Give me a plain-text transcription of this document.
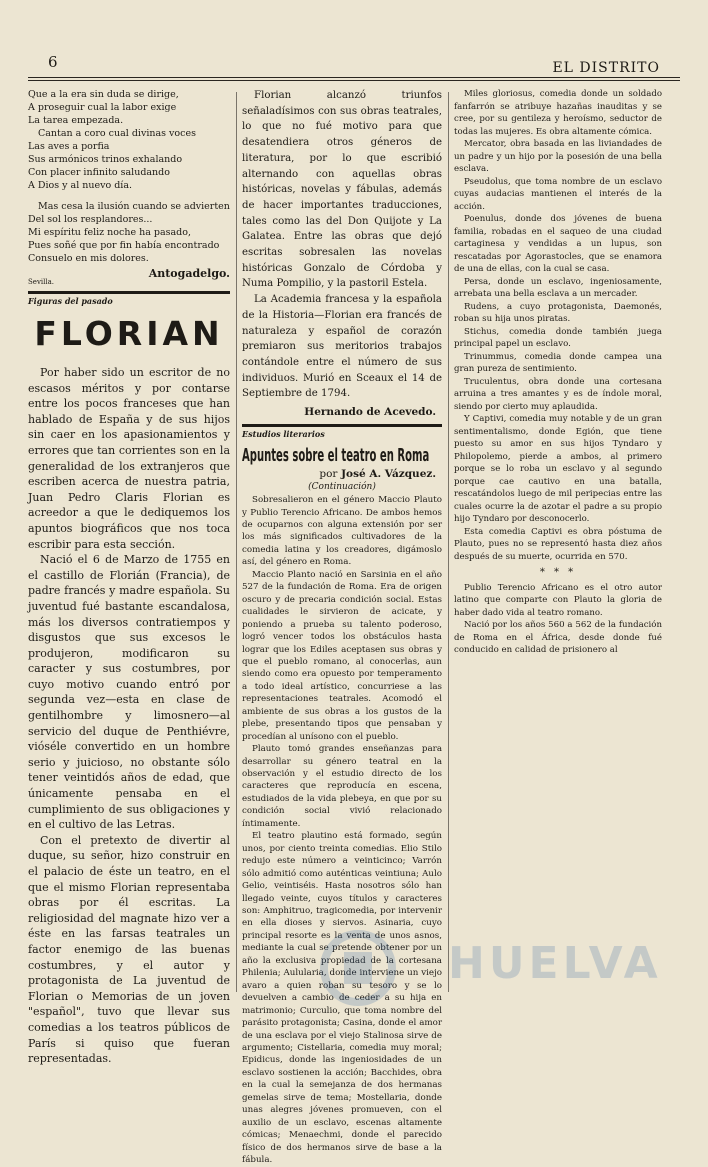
6	EL DISTRITO
Que a la era sin duda se dirige,
A proseguir cual la labor exige
La tarea empezada.
Cantan a coro cual divinas voces
Las aves a porfia
Sus armónicos trinos exhalando
Con placer infinito saludando
A Dios y al nuevo día.
Mas cesa la ilusión cuando se advierten
Del sol los resplandores...
Mi espíritu feliz noche ha pasado,
Pues soñé que por fin había encontrado
Consuelo en mis dolores.
Antogadelgo.
Sevilla.
Figuras del pasado
FLORIAN

Por haber sido un escritor de no escasos méritos y por contarse entre los pocos franceses que han hablado de España y de sus hijos sin caer en los apasionamientos y errores que tan corrientes son en la generalidad de los extranjeros que escriben acerca de nuestra patria, Juan Pedro Claris Florian es acreedor a que le dediquemos los apuntos biográficos que nos toca escribir para esta sección.

Nació el 6 de Marzo de 1755 en el castillo de Florián (Francia), de padre francés y madre española. Su juventud fué bastante escandalosa, más los diversos contratiempos y disgustos que sus excesos le produjeron, modificaron su caracter y sus costumbres, por cuyo motivo cuando entró por segunda vez—esta en clase de gentilhombre y limosnero—al servicio del duque de Penthiévre, vióséle convertido en un hombre serio y juicioso, no obstante sólo tener veintidós años de edad, que únicamente pensaba en el cumplimiento de sus obligaciones y en el cultivo de las Letras.

Con el pretexto de divertir al duque, su señor, hizo construir en el palacio de éste un teatro, en el que el mismo Florian representaba obras por él escritas. La religiosidad del magnate hizo ver a éste en las farsas teatrales un factor enemigo de las buenas costumbres, y el autor y protagonista de La juventud de Florian o Memorias de un joven "español", tuvo que llevar sus comedias a los teatros públicos de París si quiso que fueran representadas.

Florian alcanzó triunfos señaladísimos con sus obras teatrales, lo que no fué motivo para que desatendiera otros géneros de literatura, por lo que escribió alternando con aquellas obras históricas, novelas y fábulas, además de hacer importantes traducciones, tales como las del Don Quijote y La Galatea. Entre las obras que dejó escritas sobresalen las novelas históricas Gonzalo de Córdoba y Numa Pompilio, y la pastoril Estela.

La Academia francesa y la española de la Historia—Florian era francés de naturaleza y español de corazón premiaron sus meritorios trabajos contándole entre el número de sus individuos. Murió en Sceaux el 14 de Septiembre de 1794.

Hernando de Acevedo.
Estudios literarios
Apuntes sobre el teatro en Roma
por José A. Vázquez.
(Continuación)

Sobresalieron en el género Maccio Plauto y Publio Terencio Africano. De ambos hemos de ocuparnos con alguna extensión por ser los más significados cultivadores de la comedia latina y los creadores, digámoslo así, del género en Roma.

Maccio Planto nació en Sarsinia en el año 527 de la fundación de Roma. Era de origen oscuro y de precaria condición social. Estas cualidades le sirvieron de acicate, y poniendo a prueba su talento poderoso, logró vencer todos los obstáculos hasta lograr que los Ediles aceptasen sus obras y que el pueblo romano, al conocerlas, aun siendo como era opuesto por temperamento a todo ideal artístico, concurriese a las representaciones teatrales. Acomodó el ambiente de sus obras a los gustos de la plebe, presentando tipos que pensaban y procedían al unísono con el pueblo.

Plauto tomó grandes enseñanzas para desarrollar su género teatral en la observación y el estudio directo de los caracteres que reproducía en escena, estudiados de la vida plebeya, en que por su condición social vivió relacionado íntimamente.

El teatro plautino está formado, según unos, por ciento treinta comedias. Elio Stilo redujo este número a veinticinco; Varrón sólo admitió como auténticas veintiuna; Aulo Gelio, veintiséis. Hasta nosotros sólo han llegado veinte, cuyos títulos y caracteres son: Amphitruo, tragicomedia, por intervenir en ella dioses y siervos. Asinaria, cuyo principal resorte es la venta de unos asnos, mediante la cual se pretende obtener por un año la exclusiva propiedad de la cortesana Philenia; Aulularia, donde interviene un viejo avaro a quien roban su tesoro y se lo devuelven a cambio de ceder a su hija en matrimonio; Curculio, que toma nombre del parásito protagonista; Casina, donde el amor de una esclava por el viejo Stalinosa sirve de argumento; Cistellaria, comedia muy moral; Epidicus, donde las ingeniosidades de un esclavo sostienen la acción; Bacchides, obra en la cual la semejanza de dos hermanas gemelas sirve de tema; Mostellaria, donde unas alegres jóvenes promueven, con el auxilio de un esclavo, escenas altamente cómicas; Menaechmi, donde el parecido físico de dos hermanos sirve de base a la fábula.

Miles gloriosus, comedia donde un soldado fanfarrón se atribuye hazañas inauditas y se cree, por su gentileza y heroísmo, seductor de todas las mujeres. Es obra altamente cómica.

Mercator, obra basada en las liviandades de un padre y un hijo por la posesión de una bella esclava.

Pseudolus, que toma nombre de un esclavo cuyas audacias mantienen el interés de la acción.

Poenulus, donde dos jóvenes de buena familia, robadas en el saqueo de una ciudad cartaginesa y vendidas a un lupus, son rescatadas por Agorastocles, que se enamora de una de ellas, con la cual se casa.

Persa, donde un esclavo, ingeniosamente, arrebata una bella esclava a un mercader.

Rudens, a cuyo protagonista, Daemonés, roban su hija unos piratas.

Stichus, comedia donde también juega principal papel un esclavo.

Trinummus, comedia donde campea una gran pureza de sentimiento.

Truculentus, obra donde una cortesana arruina a tres amantes y es de índole moral, siendo por cierto muy aplaudida.

Y Captivi, comedia muy notable y de un gran sentimentalismo, donde Egión, que tiene puesto su amor en sus hijos Tyndaro y Philopolemo, pierde a ambos, al primero porque se lo roba un esclavo y al segundo porque cae cautivo en una batalla, rescatándolos luego de mil peripecias entre las cuales ocurre la de azotar el padre a su propio hijo Tyndaro por desconocerlo.

Esta comedia Captivi es obra póstuma de Plauto, pues no se representó hasta diez años después de su muerte, ocurrida en 570.

* * *

Publio Terencio Africano es el otro autor latino que comparte con Plauto la gloria de haber dado vida al teatro romano.

Nació por los años 560 a 562 de la fundación de Roma en el África, desde donde fué conducido en calidad de prisionero al

HUELVA
